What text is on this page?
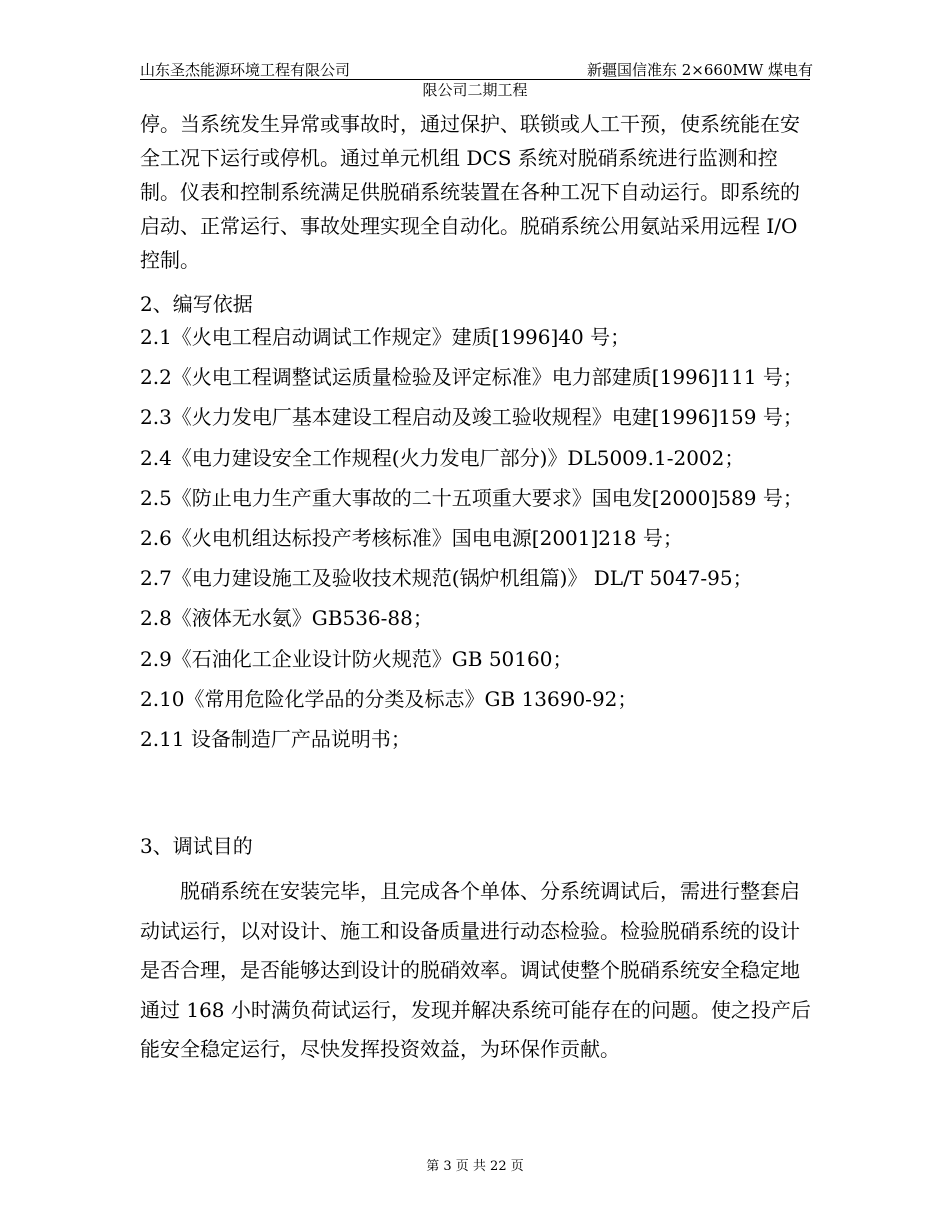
山东圣杰能源环境工程有限公司	新疆国信准东 2×660MW 煤电有
限公司二期工程

停。当系统发生异常或事故时，通过保护、联锁或人工干预，使系统能在安全工况下运行或停机。通过单元机组 DCS 系统对脱硝系统进行监测和控制。仪表和控制系统满足供脱硝系统装置在各种工况下自动运行。即系统的启动、正常运行、事故处理实现全自动化。脱硝系统公用氨站采用远程 I/O 控制。

2、编写依据
2.1《火电工程启动调试工作规定》建质[1996]40 号；
2.2《火电工程调整试运质量检验及评定标准》电力部建质[1996]111 号；
2.3《火力发电厂基本建设工程启动及竣工验收规程》电建[1996]159 号；
2.4《电力建设安全工作规程(火力发电厂部分)》DL5009.1-2002；
2.5《防止电力生产重大事故的二十五项重大要求》国电发[2000]589 号；
2.6《火电机组达标投产考核标准》国电电源[2001]218 号；
2.7《电力建设施工及验收技术规范(锅炉机组篇)》 DL/T 5047-95；
2.8《液体无水氨》GB536-88；
2.9《石油化工企业设计防火规范》GB 50160；
2.10《常用危险化学品的分类及标志》GB 13690-92；
2.11 设备制造厂产品说明书；
3、调试目的

脱硝系统在安装完毕，且完成各个单体、分系统调试后，需进行整套启动试运行，以对设计、施工和设备质量进行动态检验。检验脱硝系统的设计是否合理，是否能够达到设计的脱硝效率。调试使整个脱硝系统安全稳定地通过 168 小时满负荷试运行，发现并解决系统可能存在的问题。使之投产后能安全稳定运行，尽快发挥投资效益，为环保作贡献。

第 3 页 共 22 页
